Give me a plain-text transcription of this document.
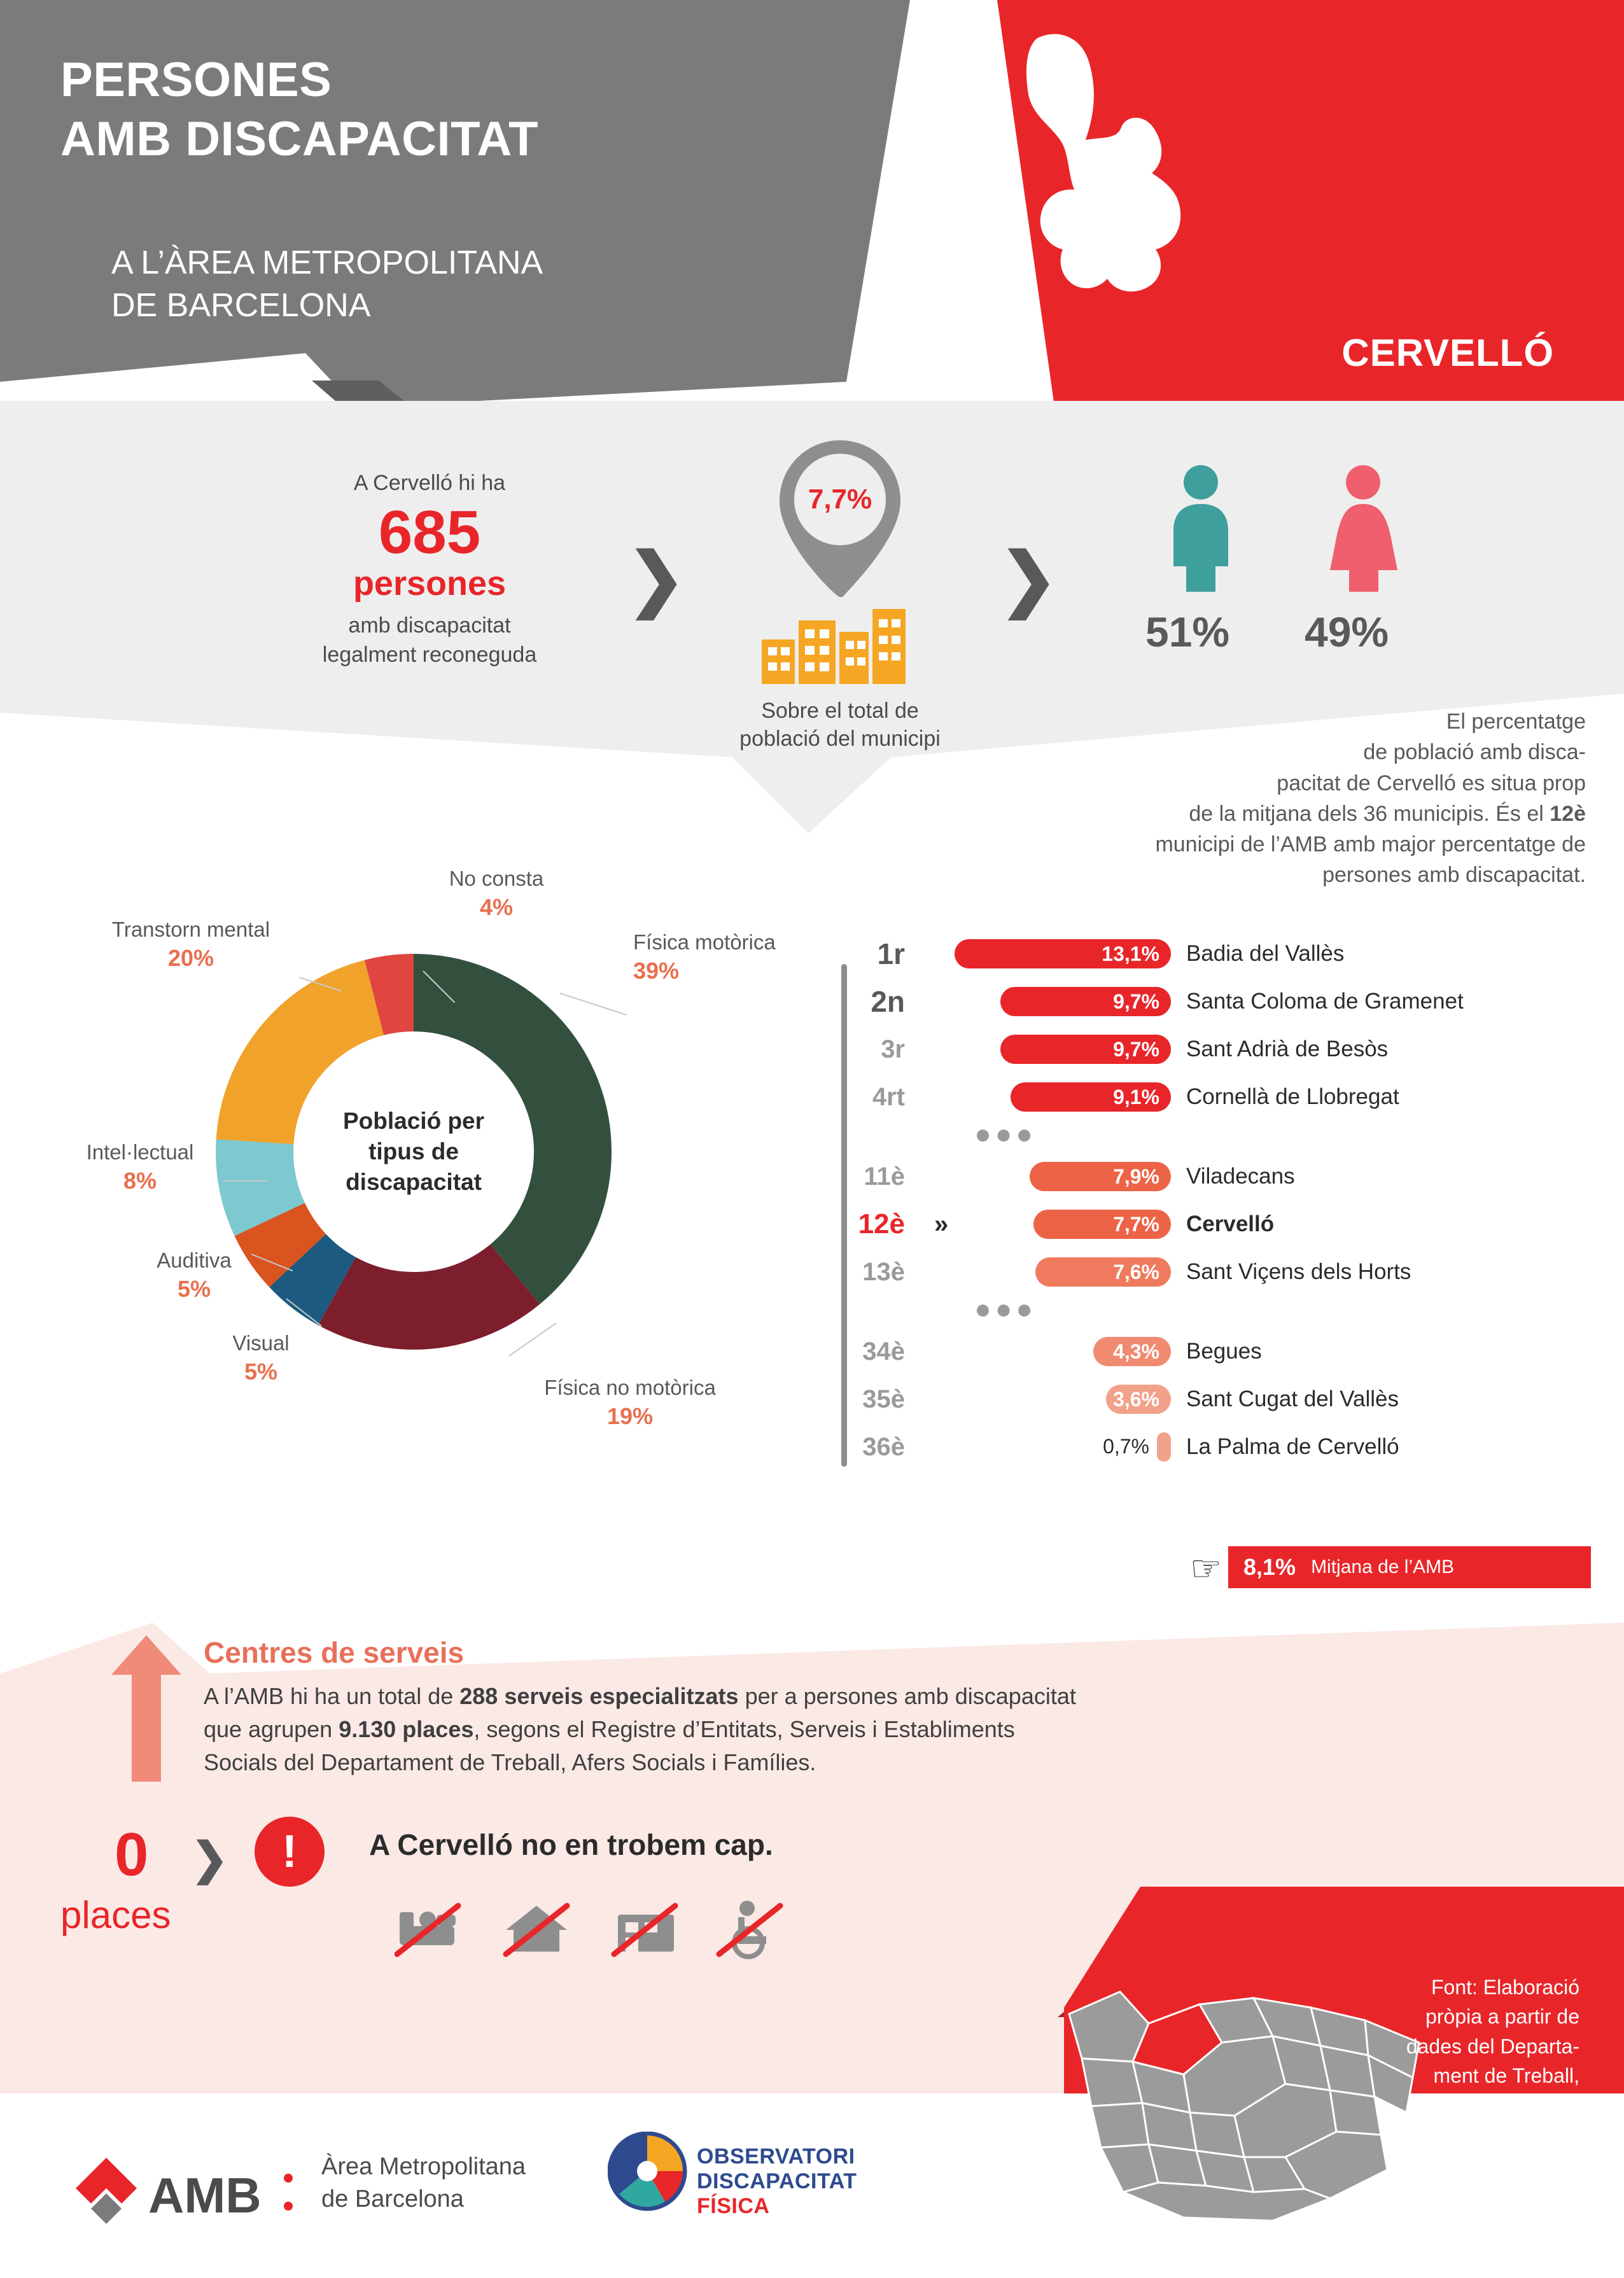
PERSONES
AMB DISCAPACITAT
A L’ÀREA METROPOLITANA
DE BARCELONA
CERVELLÓ
A Cervelló hi ha
685
persones
amb discapacitat
legalment reconeguda
❯	❯
7,7%
Sobre el total de
població del municipi
51% 49%
El percentatge
de població amb disca-
pacitat de Cervelló es situa prop
de la mitjana dels 36 municipis. És el 12è
municipi de l’AMB amb major percentatge de
persones amb discapacitat.
Població per
tipus de
discapacitat
No consta
4%
Transtorn mental
20%
Intel·lectual
8%
Auditiva
5%
Visual
5%
Física no motòrica
19%
Física motòrica
39%
1r	13,1%	Badia del Vallès
2n	9,7%	Santa Coloma de Gramenet
3r	9,7%	Sant Adrià de Besòs
4rt	9,1%	Cornellà de Llobregat
●●●
11è	7,9%	Viladecans
12è	»	7,7%	Cervelló
13è	7,6%	Sant Viçens dels Horts
●●●
34è	4,3%	Begues
35è	3,6%	Sant Cugat del Vallès
36è	0,7%	La Palma de Cervelló
☞ 8,1% Mitjana de l’AMB
Centres de serveis
A l’AMB hi ha un total de 288 serveis especialitzats per a persones amb discapacitat
que agrupen 9.130 places, segons el Registre d’Entitats, Serveis i Establiments
Socials del Departament de Treball, Afers Socials i Famílies.
0
places
❯	!	A Cervelló no en trobem cap.
Font: Elaboració
pròpia a partir de
dades del Departa-
ment de Treball,
Afers Socials i
Famílies i l’INE.
Any 2017.
AMB
Àrea Metropolitana
de Barcelona
OBSERVATORI
DISCAPACITAT
FÍSICA
